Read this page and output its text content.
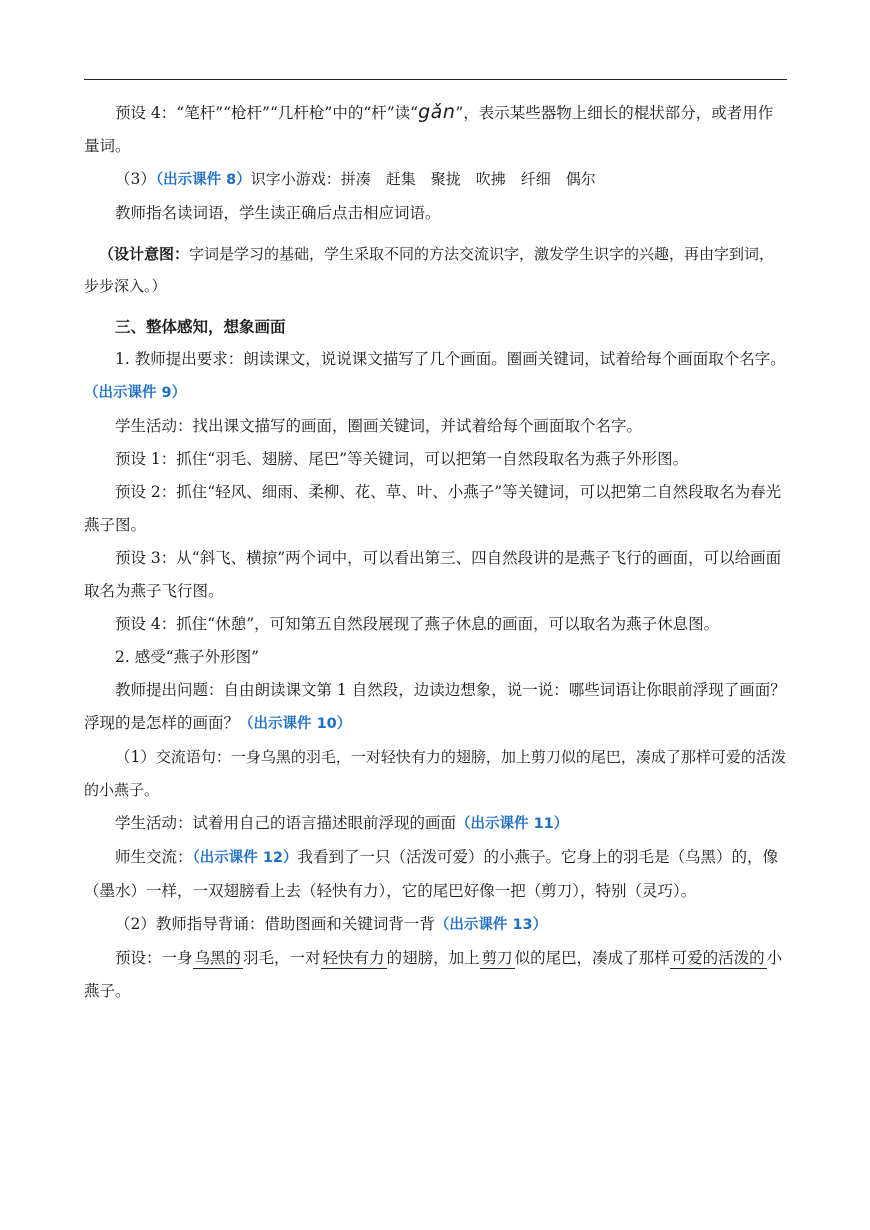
预设 4：“笔杆”“枪杆”“几杆枪”中的“杆”读“gǎn”，表示某些器物上细长的棍状部分，或者用作量词。

（3）（出示课件 8）识字小游戏：拼凑　赶集　聚拢　吹拂　纤细　偶尔

教师指名读词语，学生读正确后点击相应词语。

（设计意图：字词是学习的基础，学生采取不同的方法交流识字，激发学生识字的兴趣，再由字到词，步步深入。）

三、整体感知，想象画面

1. 教师提出要求：朗读课文，说说课文描写了几个画面。圈画关键词，试着给每个画面取个名字。（出示课件 9）

学生活动：找出课文描写的画面，圈画关键词，并试着给每个画面取个名字。

预设 1：抓住“羽毛、翅膀、尾巴”等关键词，可以把第一自然段取名为燕子外形图。

预设 2：抓住“轻风、细雨、柔柳、花、草、叶、小燕子”等关键词，可以把第二自然段取名为春光燕子图。

预设 3：从“斜飞、横掠”两个词中，可以看出第三、四自然段讲的是燕子飞行的画面，可以给画面取名为燕子飞行图。

预设 4：抓住“休憩”，可知第五自然段展现了燕子休息的画面，可以取名为燕子休息图。

2. 感受“燕子外形图”

教师提出问题：自由朗读课文第 1 自然段，边读边想象，说一说：哪些词语让你眼前浮现了画面？浮现的是怎样的画面？（出示课件 10）

（1）交流语句：一身乌黑的羽毛，一对轻快有力的翅膀，加上剪刀似的尾巴，凑成了那样可爱的活泼的小燕子。

学生活动：试着用自己的语言描述眼前浮现的画面（出示课件 11）

师生交流：（出示课件 12）我看到了一只（活泼可爱）的小燕子。它身上的羽毛是（乌黑）的，像（墨水）一样，一双翅膀看上去（轻快有力），它的尾巴好像一把（剪刀），特别（灵巧）。

（2）教师指导背诵：借助图画和关键词背一背（出示课件 13）

预设：一身 乌黑的 羽毛，一对 轻快有力 的翅膀，加上 剪刀 似的尾巴，凑成了那样 可爱的活泼的 小燕子。
